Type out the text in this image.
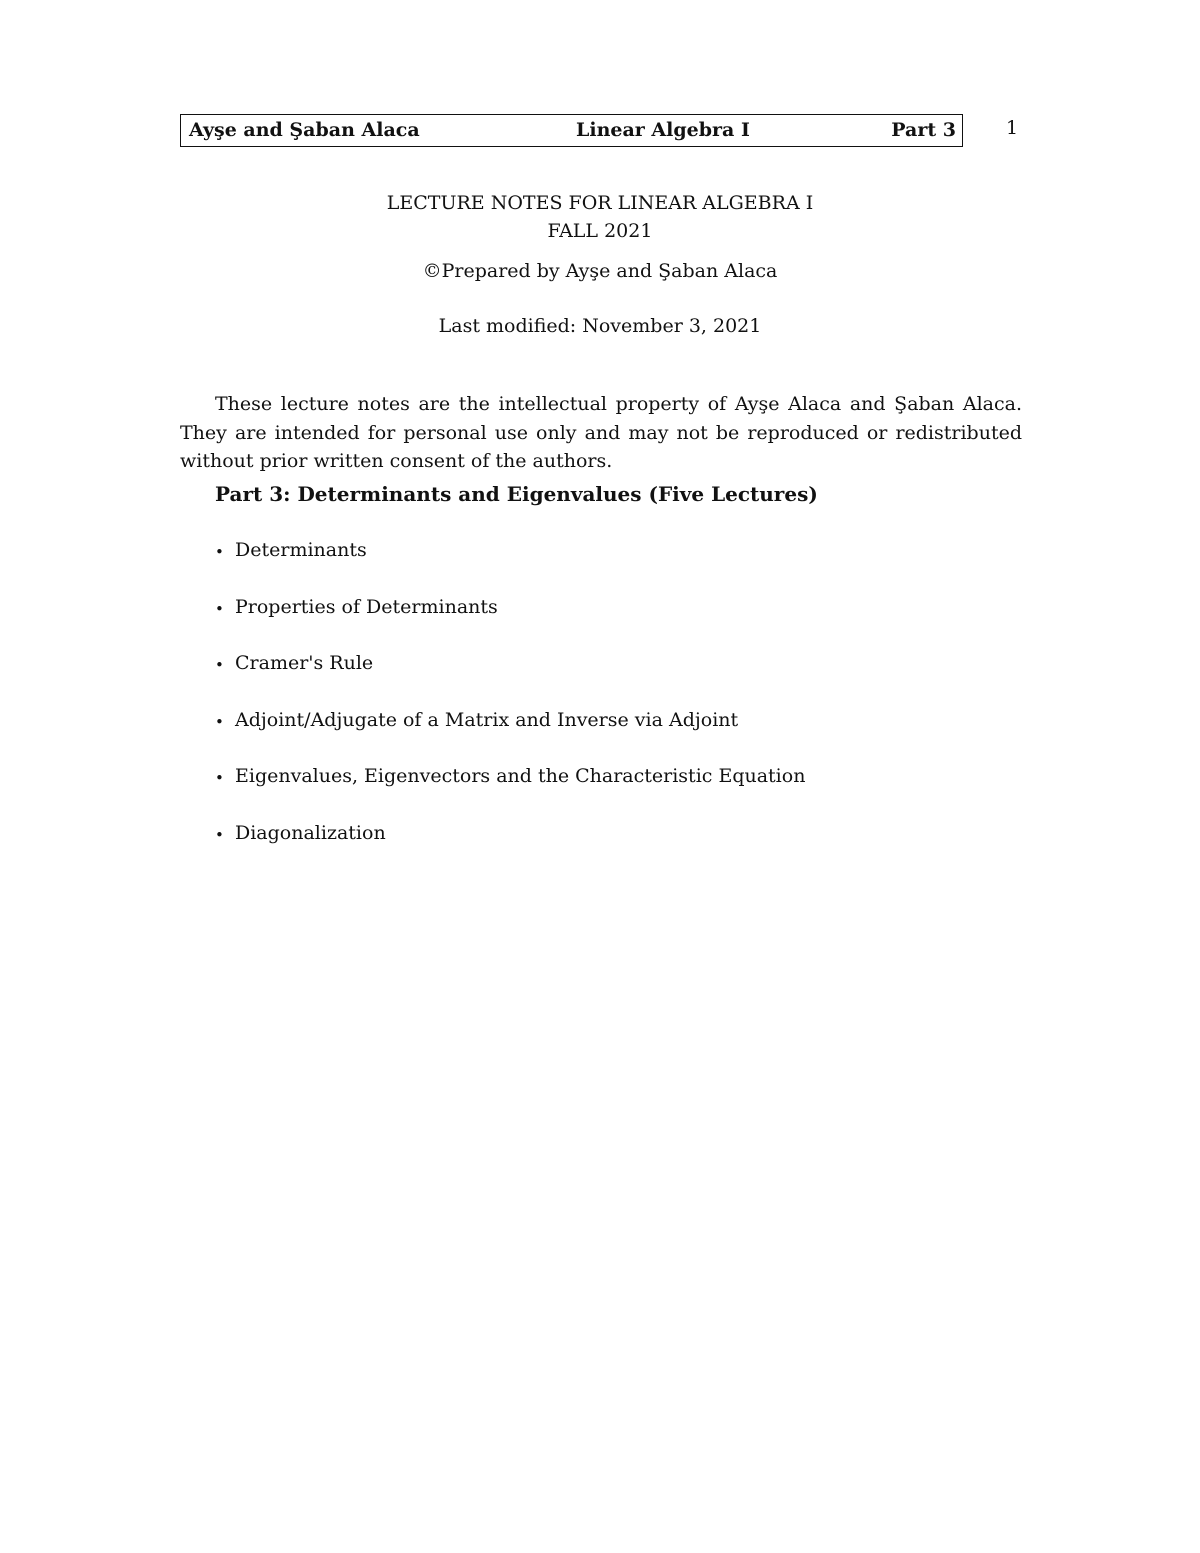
Ayşe and Şaban Alaca	Linear Algebra I	Part 3	1
LECTURE NOTES FOR LINEAR ALGEBRA I
FALL 2021
©Prepared by Ayşe and Şaban Alaca
Last modified: November 3, 2021

These lecture notes are the intellectual property of Ayşe Alaca and Şaban Alaca. They are intended for personal use only and may not be reproduced or redistributed without prior written consent of the authors.

Part 3: Determinants and Eigenvalues (Five Lectures)
• Determinants
• Properties of Determinants
• Cramer's Rule
• Adjoint/Adjugate of a Matrix and Inverse via Adjoint
• Eigenvalues, Eigenvectors and the Characteristic Equation
• Diagonalization
